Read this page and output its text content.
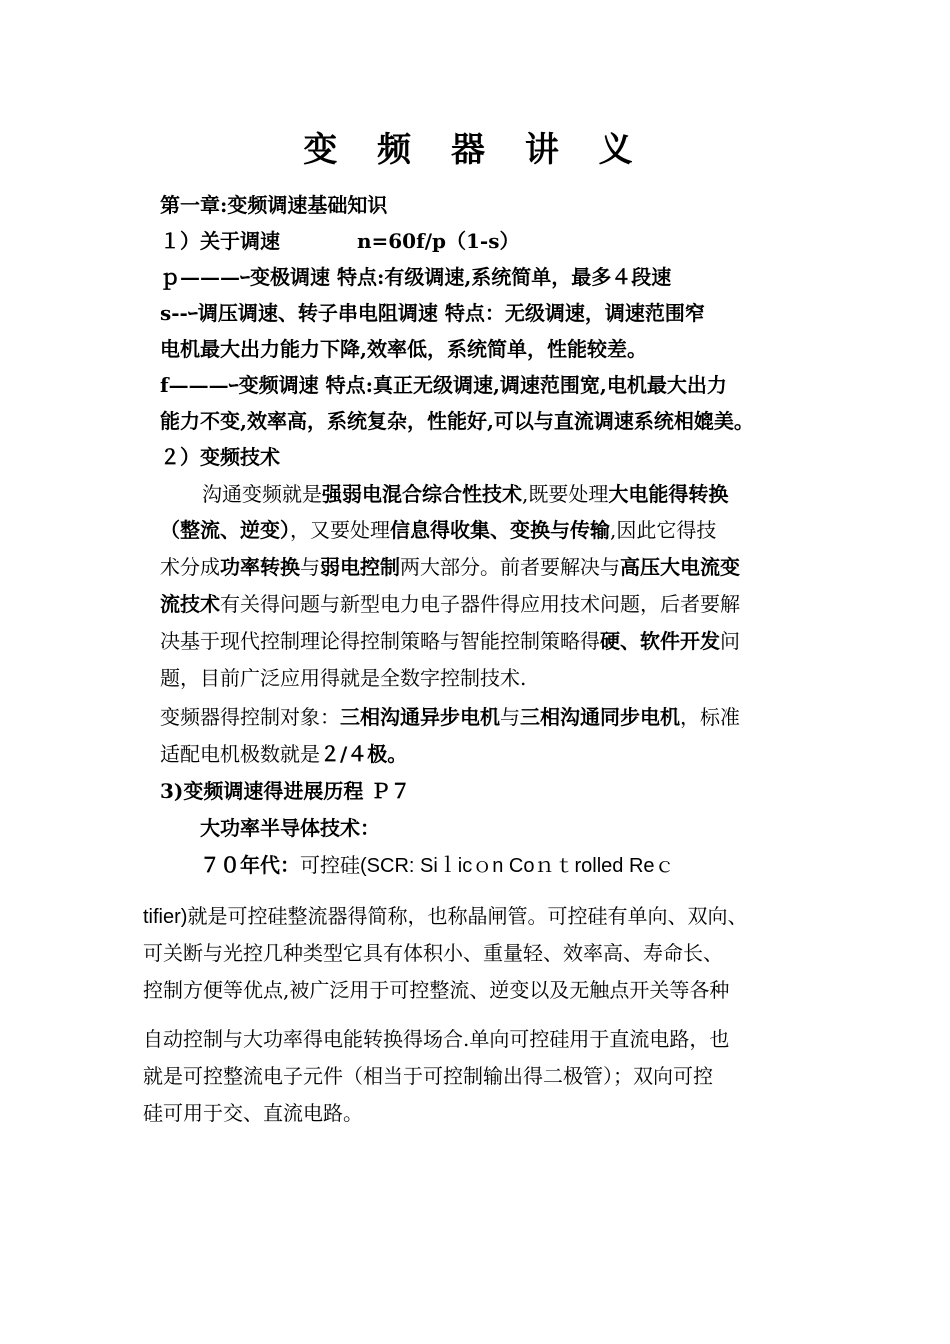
变 频 器 讲 义
第一章:变频调速基础知识
１）关于调速	n=60f/p（1-s）
ｐ———ｰ变极调速 特点:有级调速,系统简单，最多４段速
s--ｰ调压调速、转子串电阻调速 特点：无级调速，调速范围窄
电机最大出力能力下降,效率低，系统简单，性能较差。
f———ｰ变频调速 特点:真正无级调速,调速范围宽,电机最大出力
能力不变,效率高，系统复杂，性能好,可以与直流调速系统相媲美。
２）变频技术
沟通变频就是强弱电混合综合性技术,既要处理大电能得转换
（整流、逆变），又要处理信息得收集、变换与传输,因此它得技
术分成功率转换与弱电控制两大部分。前者要解决与高压大电流变
流技术有关得问题与新型电力电子器件得应用技术问题，后者要解
决基于现代控制理论得控制策略与智能控制策略得硬、软件开发问
题，目前广泛应用得就是全数字控制技术.
变频器得控制对象：三相沟通异步电机与三相沟通同步电机，标准
适配电机极数就是２/４极。
3)变频调速得进展历程 Ｐ７
大功率半导体技术：
７０年代：可控硅(SCR: Siｌicｏn Coｎｔrolled Reｃ
tifier)就是可控硅整流器得简称，也称晶闸管。可控硅有单向、双向、
可关断与光控几种类型它具有体积小、重量轻、效率高、寿命长、
控制方便等优点,被广泛用于可控整流、逆变以及无触点开关等各种
自动控制与大功率得电能转换得场合.单向可控硅用于直流电路，也
就是可控整流电子元件（相当于可控制输出得二极管）；双向可控
硅可用于交、直流电路。
